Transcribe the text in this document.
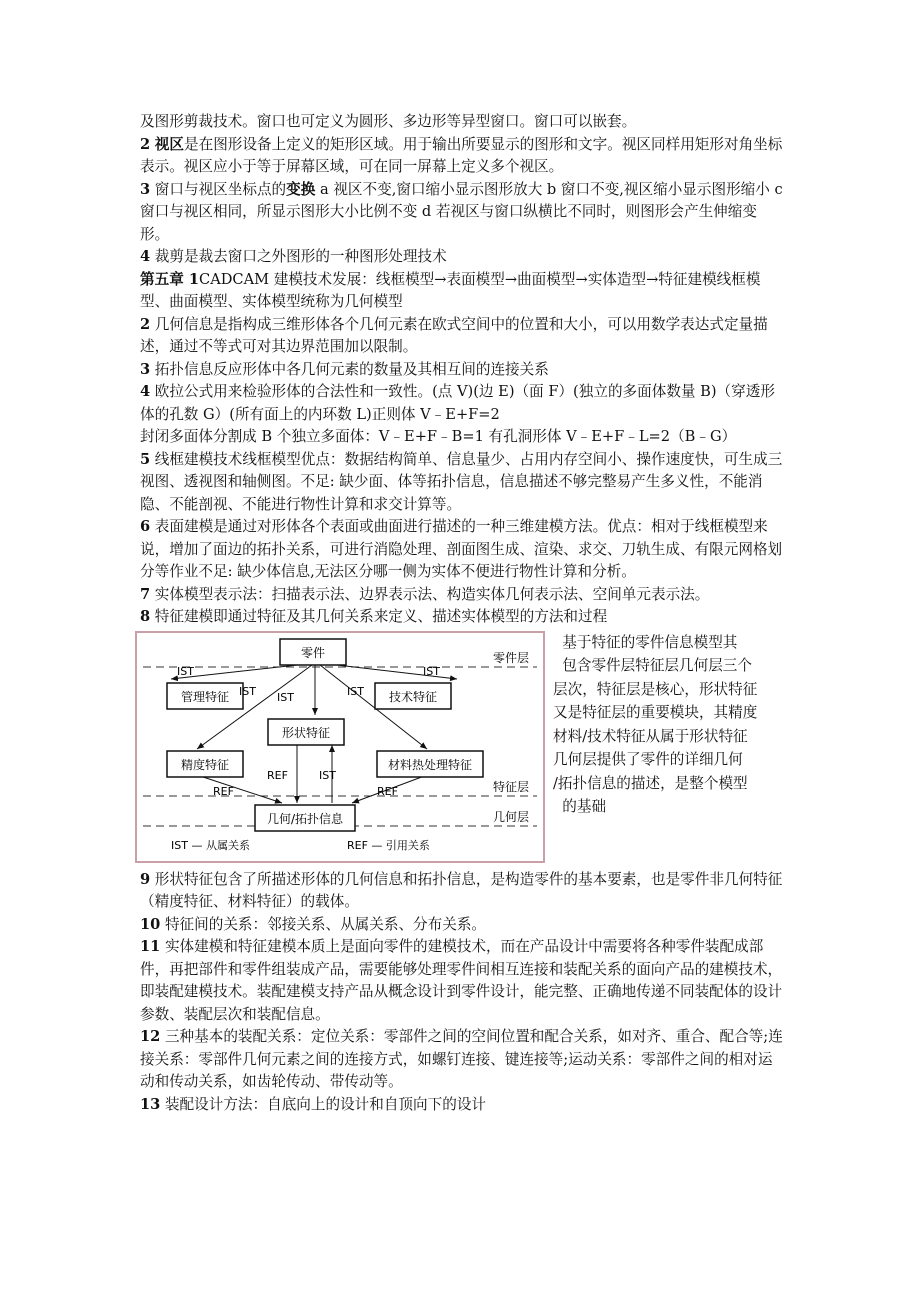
及图形剪裁技术。窗口也可定义为圆形、多边形等异型窗口。窗口可以嵌套。

2 视区是在图形设备上定义的矩形区域。用于输出所要显示的图形和文字。视区同样用矩形对角坐标表示。视区应小于等于屏幕区域，可在同一屏幕上定义多个视区。

3 窗口与视区坐标点的变换 a 视区不变,窗口缩小显示图形放大 b 窗口不变,视区缩小显示图形缩小 c 窗口与视区相同，所显示图形大小比例不变 d 若视区与窗口纵横比不同时，则图形会产生伸缩变形。

4 裁剪是裁去窗口之外图形的一种图形处理技术

第五章 1CADCAM 建模技术发展：线框模型→表面模型→曲面模型→实体造型→特征建模线框模型、曲面模型、实体模型统称为几何模型

2 几何信息是指构成三维形体各个几何元素在欧式空间中的位置和大小，可以用数学表达式定量描述，通过不等式可对其边界范围加以限制。

3 拓扑信息反应形体中各几何元素的数量及其相互间的连接关系

4 欧拉公式用来检验形体的合法性和一致性。(点 V)(边 E)（面 F）(独立的多面体数量 B)（穿透形体的孔数 G）(所有面上的内环数 L)正则体 V﹣E+F=2

封闭多面体分割成 B 个独立多面体：V﹣E+F﹣B=1 有孔洞形体 V﹣E+F﹣L=2（B﹣G）

5 线框建模技术线框模型优点：数据结构简单、信息量少、占用内存空间小、操作速度快，可生成三视图、透视图和轴侧图。不足: 缺少面、体等拓扑信息，信息描述不够完整易产生多义性，不能消隐、不能剖视、不能进行物性计算和求交计算等。

6 表面建模是通过对形体各个表面或曲面进行描述的一种三维建模方法。优点：相对于线框模型来说，增加了面边的拓扑关系，可进行消隐处理、剖面图生成、渲染、求交、刀轨生成、有限元网格划分等作业不足: 缺少体信息,无法区分哪一侧为实体不便进行物性计算和分析。

7 实体模型表示法：扫描表示法、边界表示法、构造实体几何表示法、空间单元表示法。

8 特征建模即通过特征及其几何关系来定义、描述实体模型的方法和过程

零件层
特征层
几何层
零件
管理特征	技术特征
形状特征
精度特征	材料热处理特征
几何/拓扑信息
IST
IST IST	IST
IST
REF	IST
REF	REF
IST — 从属关系	REF — 引用关系
基于特征的零件信息模型其
包含零件层特征层几何层三个
层次，特征层是核心，形状特征
又是特征层的重要模块，其精度
材料/技术特征从属于形状特征
几何层提供了零件的详细几何
/拓扑信息的描述，是整个模型
的基础

9 形状特征包含了所描述形体的几何信息和拓扑信息，是构造零件的基本要素，也是零件非几何特征（精度特征、材料特征）的载体。

10 特征间的关系：邻接关系、从属关系、分布关系。

11 实体建模和特征建模本质上是面向零件的建模技术，而在产品设计中需要将各种零件装配成部件，再把部件和零件组装成产品，需要能够处理零件间相互连接和装配关系的面向产品的建模技术，即装配建模技术。装配建模支持产品从概念设计到零件设计，能完整、正确地传递不同装配体的设计参数、装配层次和装配信息。

12 三种基本的装配关系：定位关系：零部件之间的空间位置和配合关系，如对齐、重合、配合等;连接关系：零部件几何元素之间的连接方式，如螺钉连接、键连接等;运动关系：零部件之间的相对运动和传动关系，如齿轮传动、带传动等。

13 装配设计方法：自底向上的设计和自顶向下的设计
